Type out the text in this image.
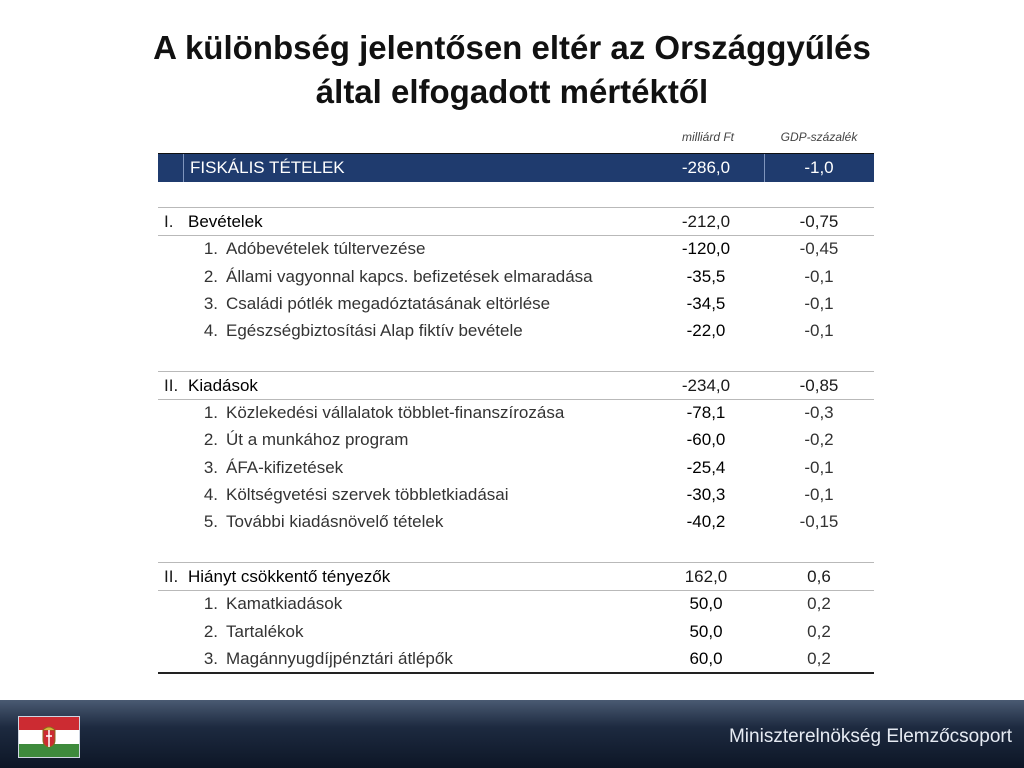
A különbség jelentősen eltér az Országgyűlés
által elfogadott mértéktől
milliárd Ft	GDP-százalék
FISKÁLIS TÉTELEK	-286,0	-1,0
I. Bevételek	-212,0	-0,75
1. Adóbevételek túltervezése	-120,0	-0,45
2. Állami vagyonnal kapcs. befizetések elmaradása	-35,5	-0,1
3. Családi pótlék megadóztatásának eltörlése	-34,5	-0,1
4. Egészségbiztosítási Alap fiktív bevétele	-22,0	-0,1
II. Kiadások	-234,0	-0,85
1. Közlekedési vállalatok többlet-finanszírozása	-78,1	-0,3
2. Út a munkához program	-60,0	-0,2
3. ÁFA-kifizetések	-25,4	-0,1
4. Költségvetési szervek többletkiadásai	-30,3	-0,1
5. További kiadásnövelő tételek	-40,2	-0,15
II. Hiányt csökkentő tényezők	162,0	0,6
1. Kamatkiadások	50,0	0,2
2. Tartalékok	50,0	0,2
3. Magánnyugdíjpénztári átlépők	60,0	0,2
Miniszterelnökség Elemzőcsoport
